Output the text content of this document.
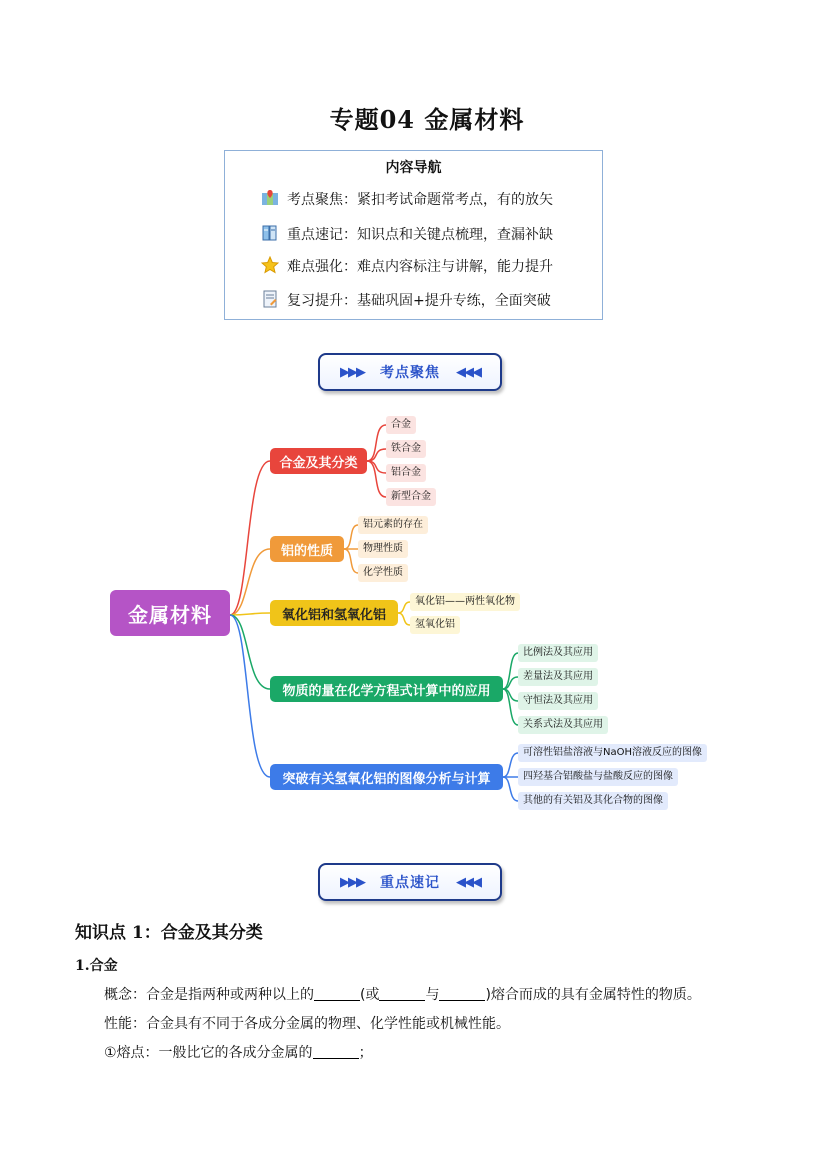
专题04 金属材料
内容导航
考点聚焦：紧扣考试命题常考点，有的放矢
重点速记：知识点和关键点梳理，查漏补缺
难点强化：难点内容标注与讲解，能力提升
复习提升：基础巩固+提升专练，全面突破
▶▶▶ 考点聚焦 ◀◀◀
金属材料
合金及其分类
铝的性质
氧化铝和氢氧化铝
物质的量在化学方程式计算中的应用
突破有关氢氧化铝的图像分析与计算
合金
铁合金
铝合金
新型合金
铝元素的存在
物理性质
化学性质
氧化铝——两性氧化物
氢氧化铝
比例法及其应用
差量法及其应用
守恒法及其应用
关系式法及其应用
可溶性铝盐溶液与NaOH溶液反应的图像
四羟基合铝酸盐与盐酸反应的图像
其他的有关铝及其化合物的图像
▶▶▶ 重点速记 ◀◀◀
知识点 1：合金及其分类
1.合金
概念：合金是指两种或两种以上的	(或	与	)熔合而成的具有金属特性的物质。
性能：合金具有不同于各成分金属的物理、化学性能或机械性能。
①熔点：一般比它的各成分金属的	；
